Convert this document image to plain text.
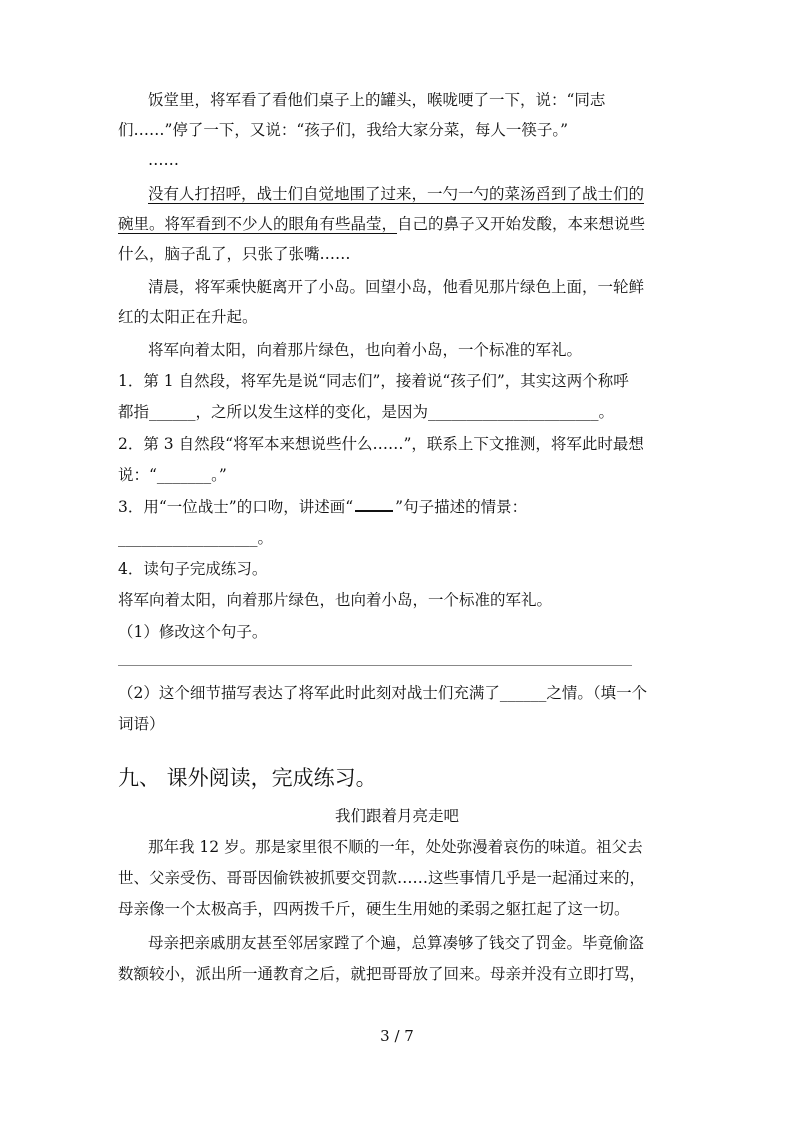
饭堂里，将军看了看他们桌子上的罐头，喉咙哽了一下，说：“同志
们……”停了一下，又说：“孩子们，我给大家分菜，每人一筷子。”
……
没有人打招呼，战士们自觉地围了过来，一勺一勺的菜汤舀到了战士们的
碗里。将军看到不少人的眼角有些晶莹，自己的鼻子又开始发酸，本来想说些
什么，脑子乱了，只张了张嘴……
清晨，将军乘快艇离开了小岛。回望小岛，他看见那片绿色上面，一轮鲜
红的太阳正在升起。
将军向着太阳，向着那片绿色，也向着小岛，一个标准的军礼。
1．第 1 自然段，将军先是说“同志们”，接着说“孩子们”，其实这两个称呼
都指______，之所以发生这样的变化，是因为______________________。
2．第 3 自然段“将军本来想说些什么……”，联系上下文推测，将军此时最想
说：“_______。”
3．用“一位战士”的口吻，讲述画“	”句子描述的情景：
__________________。
4．读句子完成练习。
将军向着太阳，向着那片绿色，也向着小岛，一个标准的军礼。
（1）修改这个句子。
（2）这个细节描写表达了将军此时此刻对战士们充满了______之情。（填一个
词语）
九、 课外阅读，完成练习。
我们跟着月亮走吧
那年我 12 岁。那是家里很不顺的一年，处处弥漫着哀伤的味道。祖父去
世、父亲受伤、哥哥因偷铁被抓要交罚款……这些事情几乎是一起涌过来的，
母亲像一个太极高手，四两拨千斤，硬生生用她的柔弱之躯扛起了这一切。
母亲把亲戚朋友甚至邻居家蹚了个遍，总算凑够了钱交了罚金。毕竟偷盗
数额较小，派出所一通教育之后，就把哥哥放了回来。母亲并没有立即打骂，
3 / 7
